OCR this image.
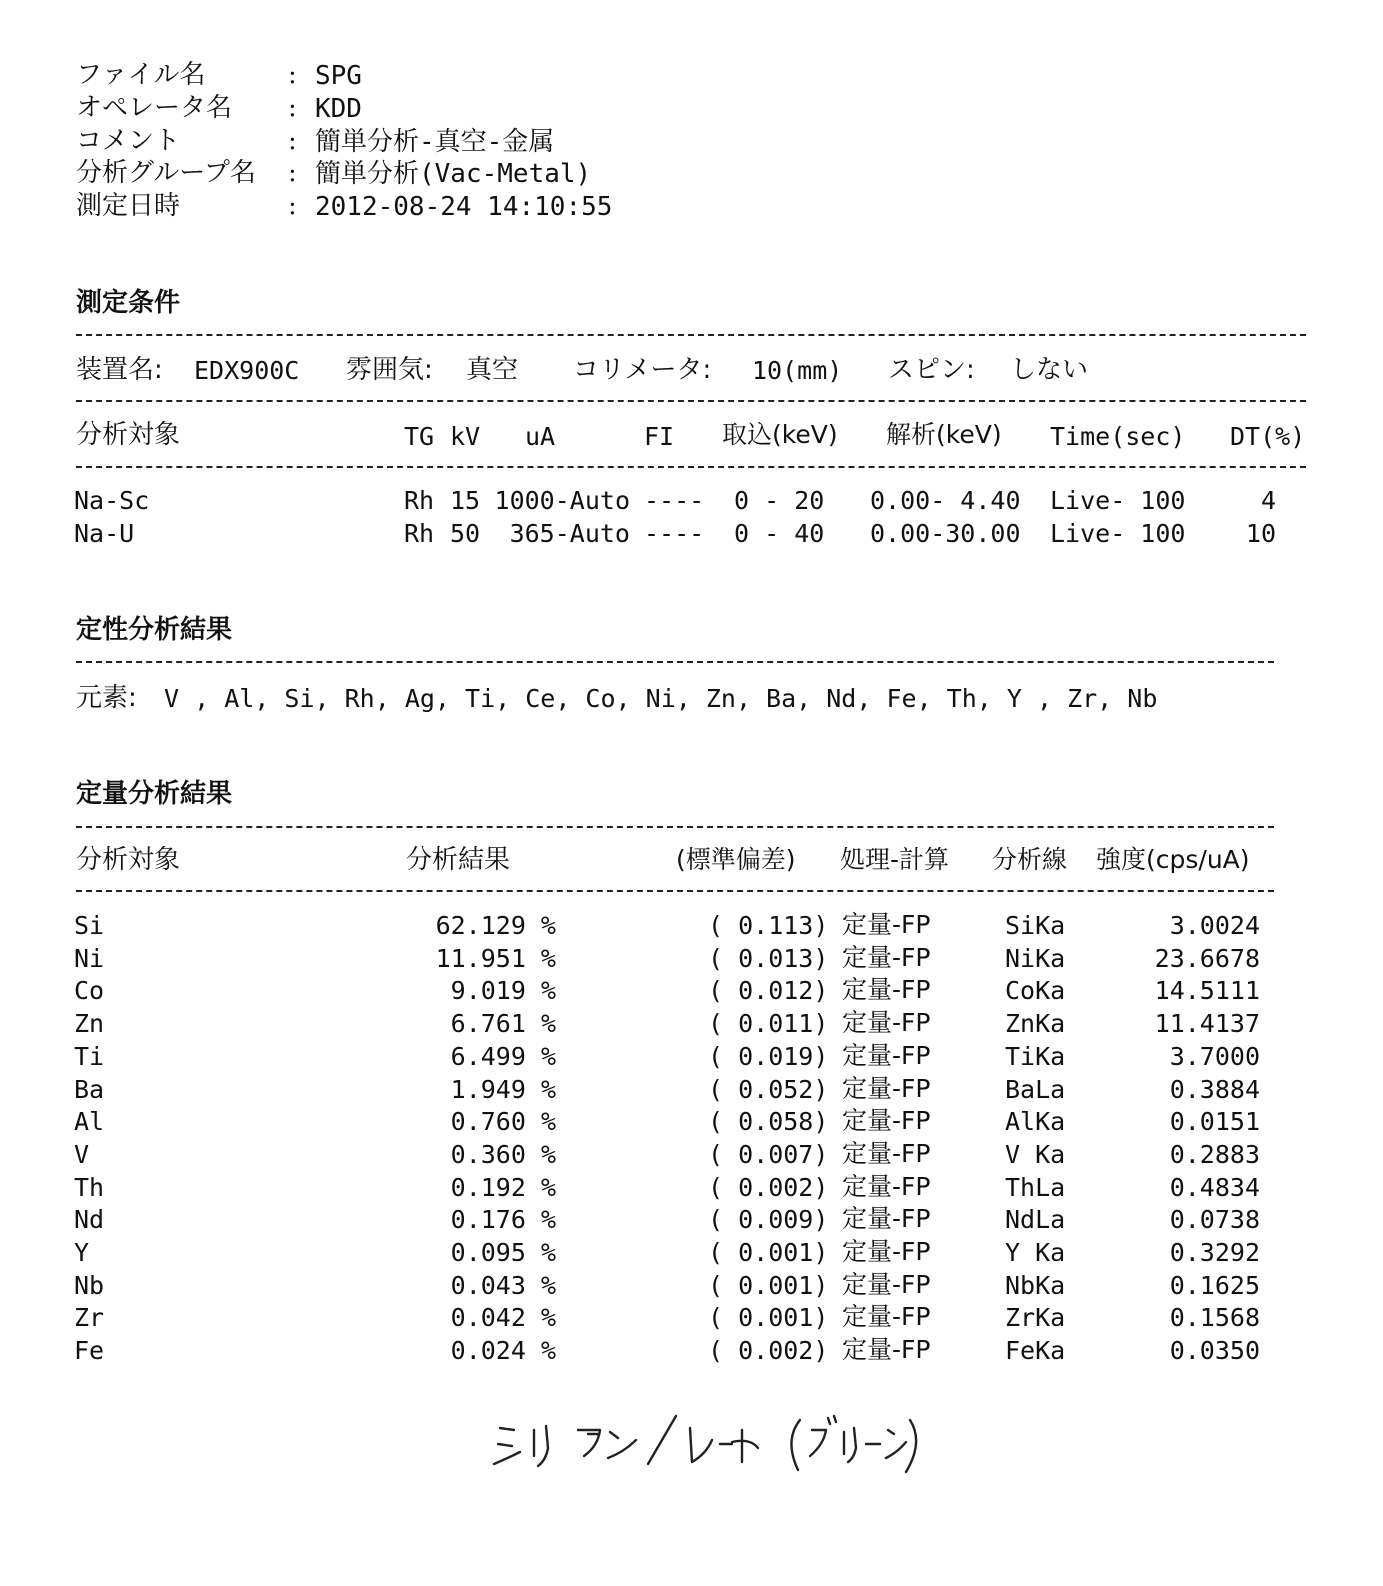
ファイル名	: SPG
オペレータ名 : KDD
コメント	: 簡単分析-真空-金属
分析グループ名 : 簡単分析(Vac-Metal)
測定日時	: 2012-08-24 14:10:55
測定条件
装置名: EDX900C 雰囲気: 真空 コリメータ: 10(mm) スピン: しない
分析対象	TG kV uA	FI 取込(keV) 解析(keV) Time(sec) DT(%)
Na-Sc	Rh 15 1000-Auto ---- 0 - 20 0.00- 4.40 Live- 100	4
Na-U	Rh 50	365-Auto ---- 0 - 40 0.00-30.00 Live- 100	10
定性分析結果
元素: V , Al, Si, Rh, Ag, Ti, Ce, Co, Ni, Zn, Ba, Nd, Fe, Th, Y , Zr, Nb
定量分析結果
分析対象	分析結果	(標準偏差) 処理-計算 分析線 強度(cps/uA)
Si	62.129 %	( 0.113) 定量-FP	SiKa	3.0024
Ni	11.951 %	( 0.013) 定量-FP	NiKa	23.6678
Co	9.019 %	( 0.012) 定量-FP	CoKa	14.5111
Zn	6.761 %	( 0.011) 定量-FP	ZnKa	11.4137
Ti	6.499 %	( 0.019) 定量-FP	TiKa	3.7000
Ba	1.949 %	( 0.052) 定量-FP	BaLa	0.3884
Al	0.760 %	( 0.058) 定量-FP	AlKa	0.0151
V	0.360 %	( 0.007) 定量-FP	V Ka	0.2883
Th	0.192 %	( 0.002) 定量-FP	ThLa	0.4834
Nd	0.176 %	( 0.009) 定量-FP	NdLa	0.0738
Y	0.095 %	( 0.001) 定量-FP	Y Ka	0.3292
Nb	0.043 %	( 0.001) 定量-FP	NbKa	0.1625
Zr	0.042 %	( 0.001) 定量-FP	ZrKa	0.1568
Fe	0.024 %	( 0.002) 定量-FP	FeKa	0.0350
